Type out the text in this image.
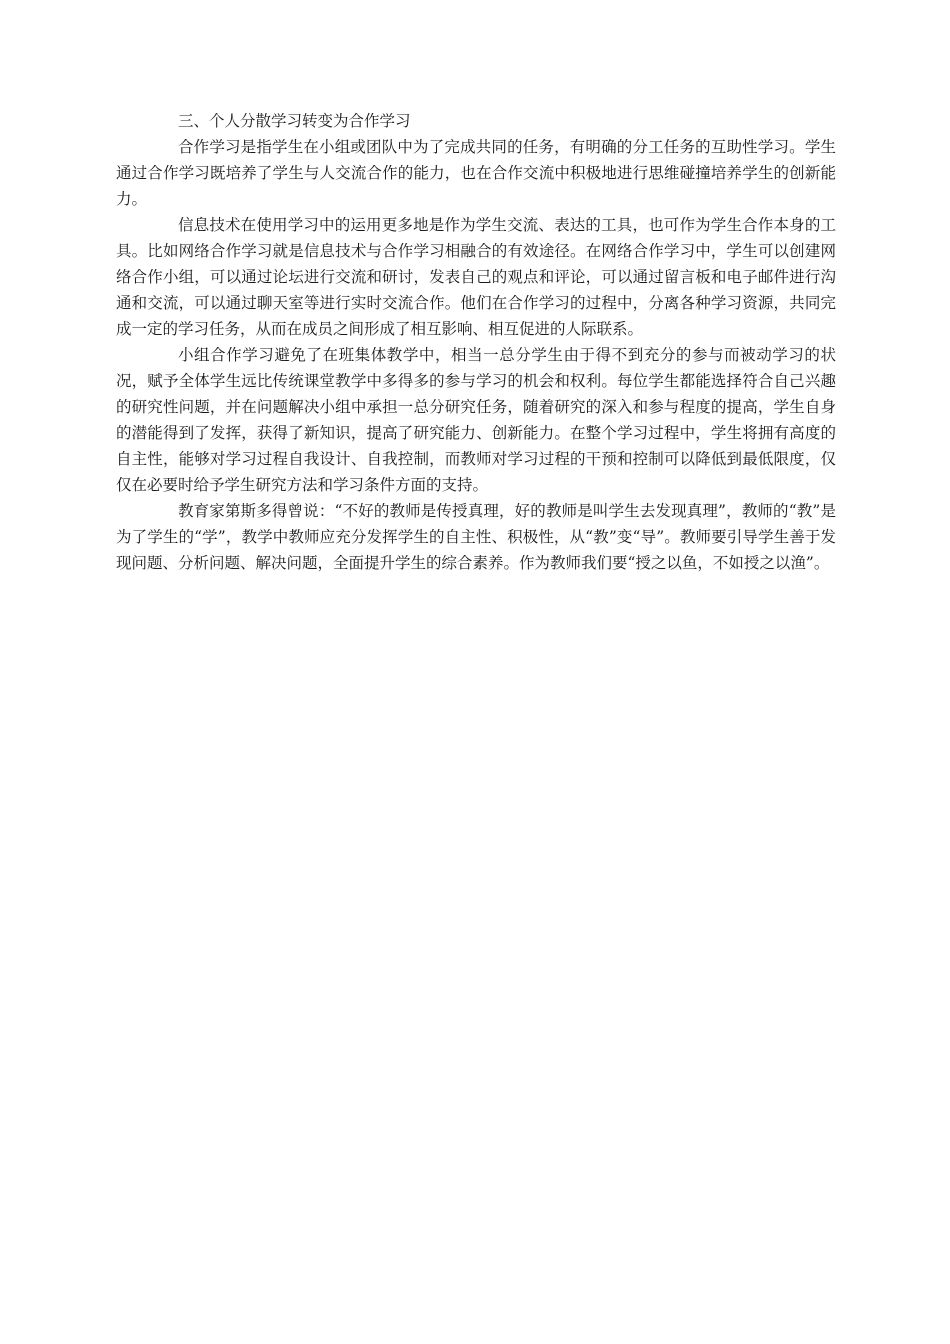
三、个人分散学习转变为合作学习

合作学习是指学生在小组或团队中为了完成共同的任务，有明确的分工任务的互助性学习。学生通过合作学习既培养了学生与人交流合作的能力，也在合作交流中积极地进行思维碰撞培养学生的创新能力。

信息技术在使用学习中的运用更多地是作为学生交流、表达的工具，也可作为学生合作本身的工具。比如网络合作学习就是信息技术与合作学习相融合的有效途径。在网络合作学习中，学生可以创建网络合作小组，可以通过论坛进行交流和研讨，发表自己的观点和评论，可以通过留言板和电子邮件进行沟通和交流，可以通过聊天室等进行实时交流合作。他们在合作学习的过程中，分离各种学习资源，共同完成一定的学习任务，从而在成员之间形成了相互影响、相互促进的人际联系。

小组合作学习避免了在班集体教学中，相当一总分学生由于得不到充分的参与而被动学习的状况，赋予全体学生远比传统课堂教学中多得多的参与学习的机会和权利。每位学生都能选择符合自己兴趣的研究性问题，并在问题解决小组中承担一总分研究任务，随着研究的深入和参与程度的提高，学生自身的潜能得到了发挥，获得了新知识，提高了研究能力、创新能力。在整个学习过程中，学生将拥有高度的自主性，能够对学习过程自我设计、自我控制，而教师对学习过程的干预和控制可以降低到最低限度，仅仅在必要时给予学生研究方法和学习条件方面的支持。

教育家第斯多得曾说：“不好的教师是传授真理，好的教师是叫学生去发现真理”，教师的“教”是为了学生的“学”，教学中教师应充分发挥学生的自主性、积极性，从“教”变“导”。教师要引导学生善于发现问题、分析问题、解决问题，全面提升学生的综合素养。作为教师我们要“授之以鱼，不如授之以渔”。
